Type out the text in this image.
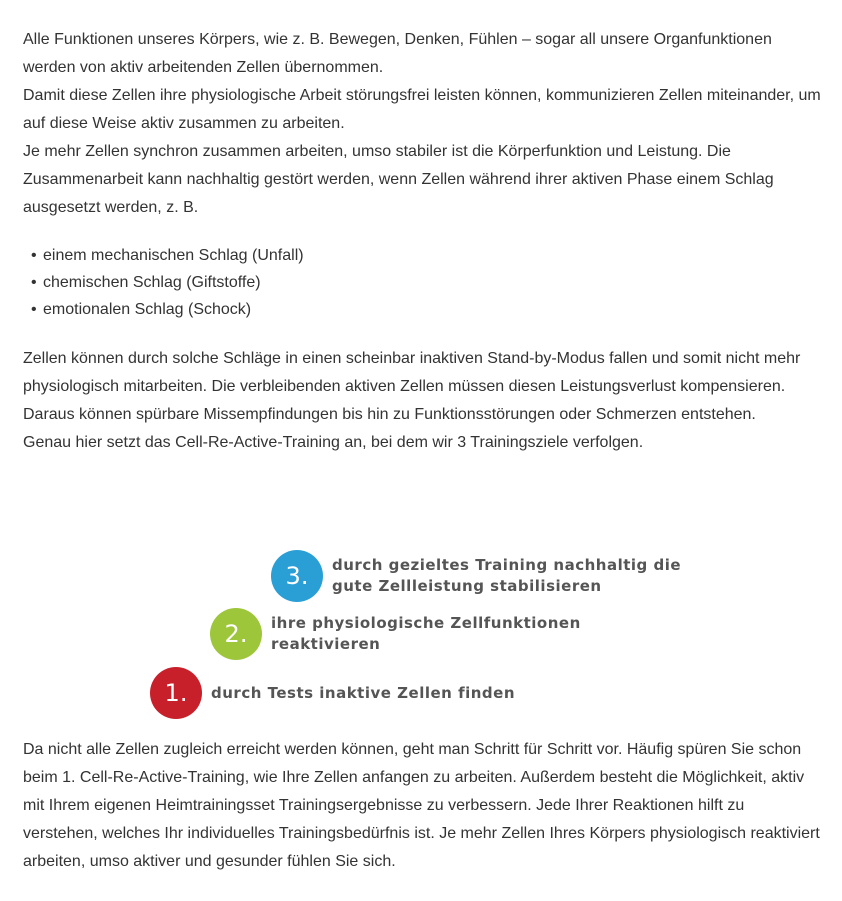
Alle Funktionen unseres Körpers, wie z. B. Bewegen, Denken, Fühlen – sogar all unsere Organfunktionen werden von aktiv arbeitenden Zellen übernommen.

Damit diese Zellen ihre physiologische Arbeit störungsfrei leisten können, kommunizieren Zellen miteinander, um auf diese Weise aktiv zusammen zu arbeiten.

Je mehr Zellen synchron zusammen arbeiten, umso stabiler ist die Körperfunktion und Leistung. Die Zusammenarbeit kann nachhaltig gestört werden, wenn Zellen während ihrer aktiven Phase einem Schlag ausgesetzt werden, z. B.

• einem mechanischen Schlag (Unfall)
• chemischen Schlag (Giftstoffe)
• emotionalen Schlag (Schock)

Zellen können durch solche Schläge in einen scheinbar inaktiven Stand-by-Modus fallen und somit nicht mehr physiologisch mitarbeiten. Die verbleibenden aktiven Zellen müssen diesen Leistungsverlust kompensieren. Daraus können spürbare Missempfindungen bis hin zu Funktionsstörungen oder Schmerzen entstehen.

Genau hier setzt das Cell-Re-Active-Training an, bei dem wir 3 Trainingsziele verfolgen.

3. durch gezieltes Training nachhaltig die
gute Zellleistung stabilisieren
2. ihre physiologische Zellfunktionen
reaktivieren
1. durch Tests inaktive Zellen finden

Da nicht alle Zellen zugleich erreicht werden können, geht man Schritt für Schritt vor. Häufig spüren Sie schon beim 1. Cell-Re-Active-Training, wie Ihre Zellen anfangen zu arbeiten. Außerdem besteht die Möglichkeit, aktiv mit Ihrem eigenen Heimtrainingsset Trainingsergebnisse zu verbessern. Jede Ihrer Reaktionen hilft zu verstehen, welches Ihr individuelles Trainingsbedürfnis ist. Je mehr Zellen Ihres Körpers physiologisch reaktiviert arbeiten, umso aktiver und gesunder fühlen Sie sich.
